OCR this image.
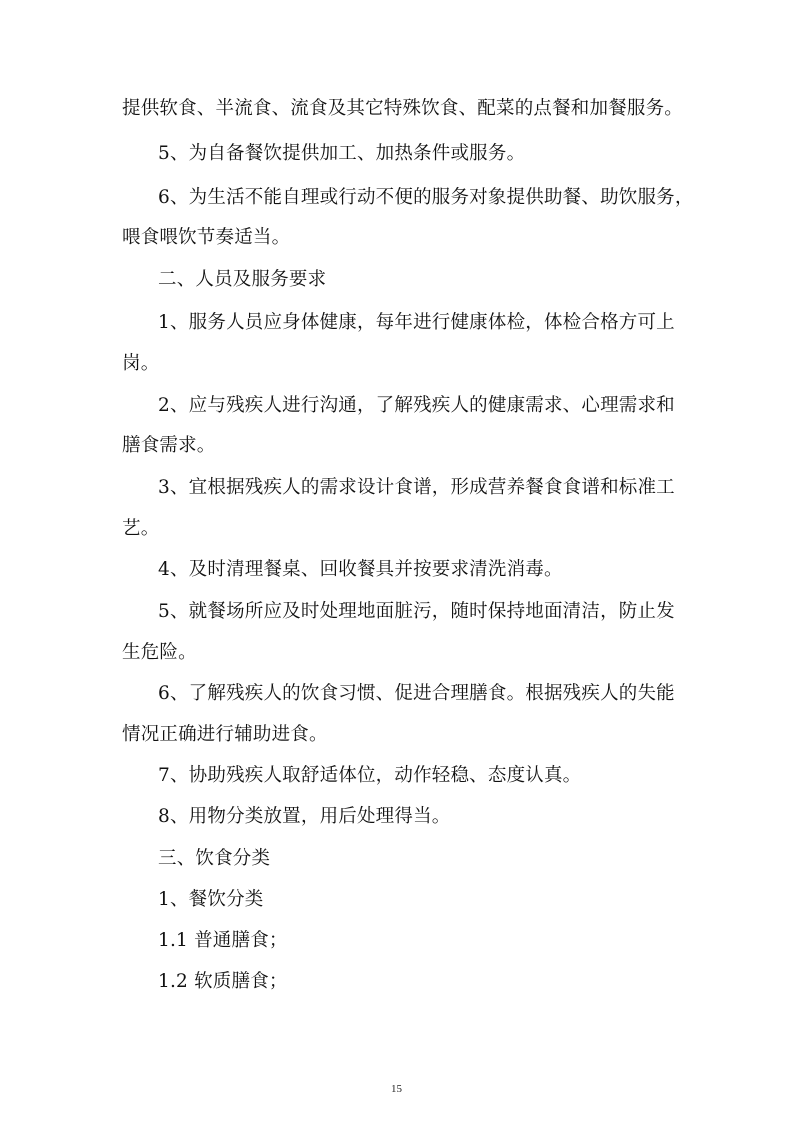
提供软食、半流食、流食及其它特殊饮食、配菜的点餐和加餐服务。
5、为自备餐饮提供加工、加热条件或服务。
6、为生活不能自理或行动不便的服务对象提供助餐、助饮服务，
喂食喂饮节奏适当。
二、人员及服务要求
1、服务人员应身体健康，每年进行健康体检，体检合格方可上
岗。
2、应与残疾人进行沟通，了解残疾人的健康需求、心理需求和
膳食需求。
3、宜根据残疾人的需求设计食谱，形成营养餐食食谱和标准工
艺。
4、及时清理餐桌、回收餐具并按要求清洗消毒。
5、就餐场所应及时处理地面脏污，随时保持地面清洁，防止发
生危险。
6、了解残疾人的饮食习惯、促进合理膳食。根据残疾人的失能
情况正确进行辅助进食。
7、协助残疾人取舒适体位，动作轻稳、态度认真。
8、用物分类放置，用后处理得当。
三、饮食分类
1、餐饮分类
1.1 普通膳食；
1.2 软质膳食；
15
